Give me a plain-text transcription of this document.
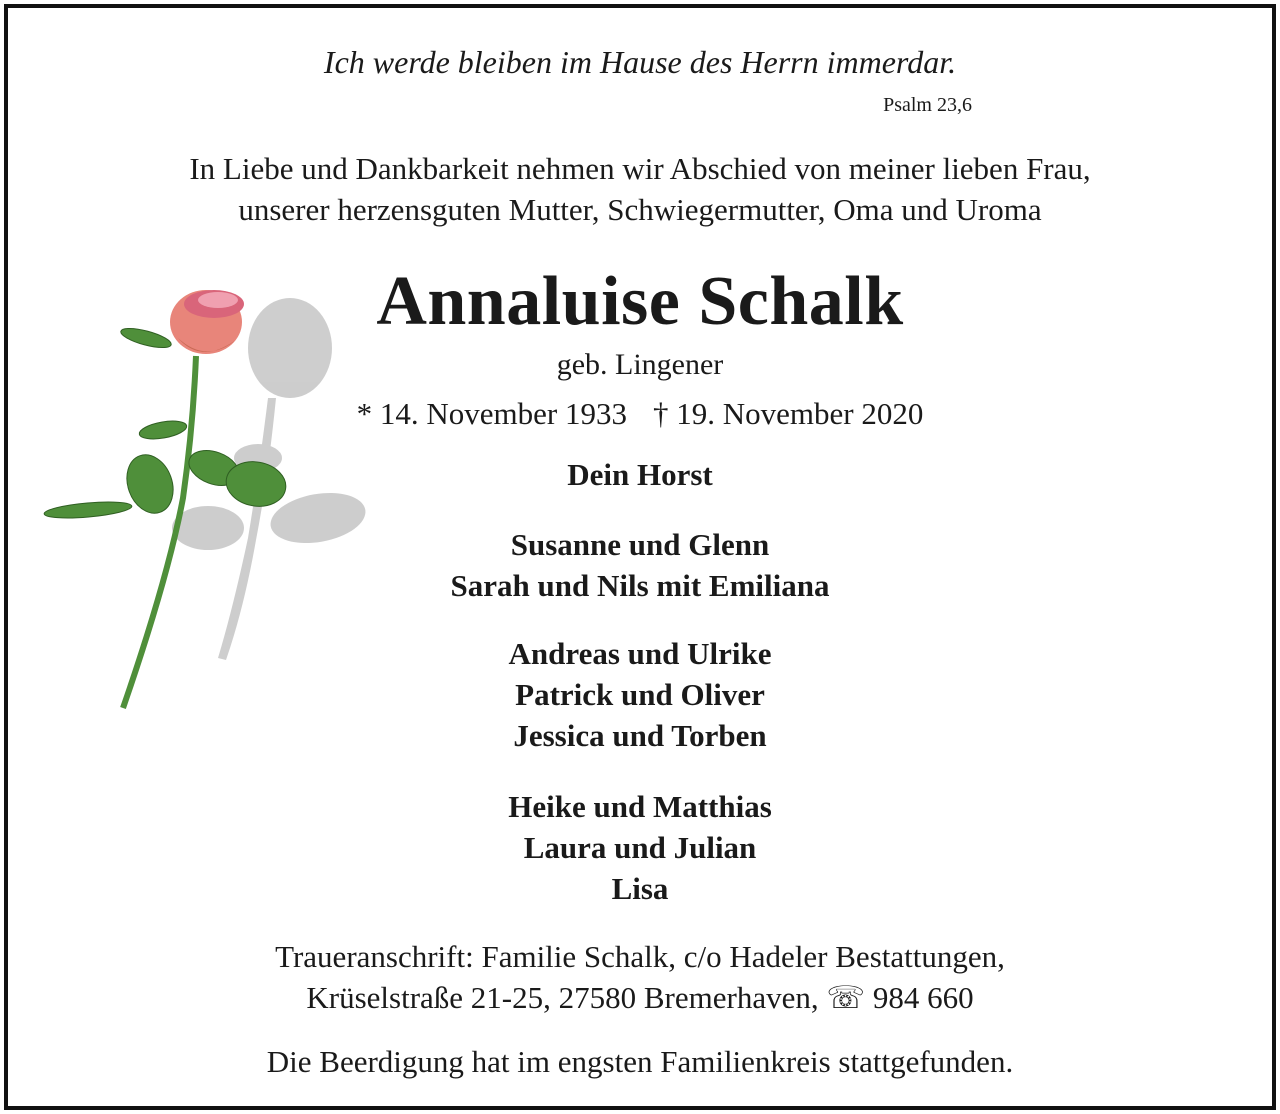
Ich werde bleiben im Hause des Herrn immerdar.
Psalm 23,6
In Liebe und Dankbarkeit nehmen wir Abschied von meiner lieben Frau,
unserer herzensguten Mutter, Schwiegermutter, Oma und Uroma
Annaluise Schalk
geb. Lingener
* 14. November 1933 † 19. November 2020
Dein Horst
Susanne und Glenn
Sarah und Nils mit Emiliana
Andreas und Ulrike
Patrick und Oliver
Jessica und Torben
Heike und Matthias
Laura und Julian
Lisa
Traueranschrift: Familie Schalk, c/o Hadeler Bestattungen,
Krüselstraße 21-25, 27580 Bremerhaven, ☏ 984 660
Die Beerdigung hat im engsten Familienkreis stattgefunden.
